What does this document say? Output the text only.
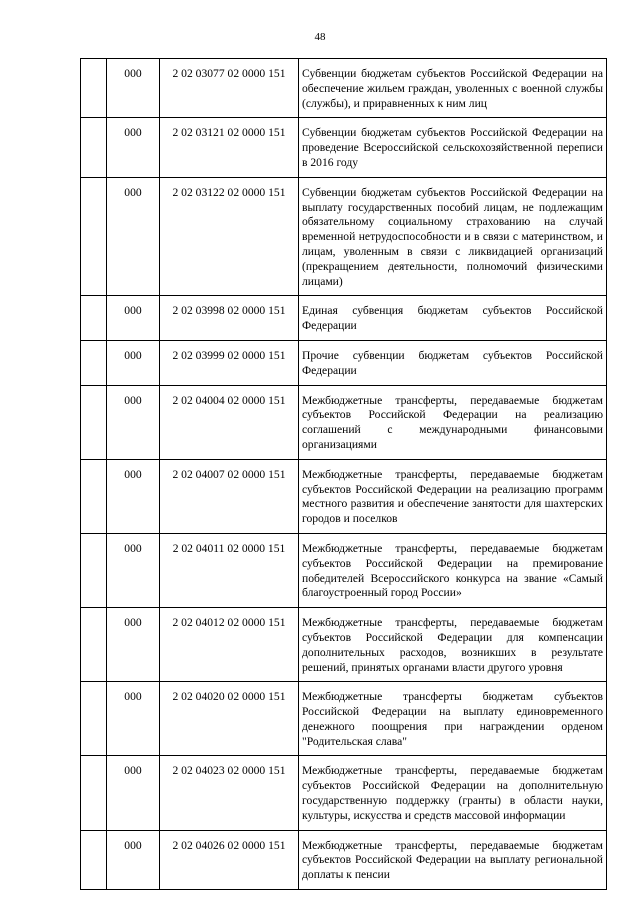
48
	000	2 02 03077 02 0000 151	Субвенции бюджетам субъектов Российской Федерации на обеспечение жильем граждан, уволенных с военной службы (службы), и приравненных к ним лиц
	000	2 02 03121 02 0000 151	Субвенции бюджетам субъектов Российской Федерации на проведение Всероссийской сельскохозяйственной переписи в 2016 году
	000	2 02 03122 02 0000 151	Субвенции бюджетам субъектов Российской Федерации на выплату государственных пособий лицам, не подлежащим обязательному социальному страхованию на случай временной нетрудоспособности и в связи с материнством, и лицам, уволенным в связи с ликвидацией организаций (прекращением деятельности, полномочий физическими лицами)
	000	2 02 03998 02 0000 151	Единая субвенция бюджетам субъектов Российской Федерации
	000	2 02 03999 02 0000 151	Прочие субвенции бюджетам субъектов Российской Федерации
	000	2 02 04004 02 0000 151	Межбюджетные трансферты, передаваемые бюджетам субъектов Российской Федерации на реализацию соглашений с международными финансовыми организациями
	000	2 02 04007 02 0000 151	Межбюджетные трансферты, передаваемые бюджетам субъектов Российской Федерации на реализацию программ местного развития и обеспечение занятости для шахтерских городов и поселков
	000	2 02 04011 02 0000 151	Межбюджетные трансферты, передаваемые бюджетам субъектов Российской Федерации на премирование победителей Всероссийского конкурса на звание «Самый благоустроенный город России»
	000	2 02 04012 02 0000 151	Межбюджетные трансферты, передаваемые бюджетам субъектов Российской Федерации для компенсации дополнительных расходов, возникших в результате решений, принятых органами власти другого уровня
	000	2 02 04020 02 0000 151	Межбюджетные трансферты бюджетам субъектов Российской Федерации на выплату единовременного денежного поощрения при награждении орденом "Родительская слава"
	000	2 02 04023 02 0000 151	Межбюджетные трансферты, передаваемые бюджетам субъектов Российской Федерации на дополнительную государственную поддержку (гранты) в области науки, культуры, искусства и средств массовой информации
	000	2 02 04026 02 0000 151	Межбюджетные трансферты, передаваемые бюджетам субъектов Российской Федерации на выплату региональной доплаты к пенсии
